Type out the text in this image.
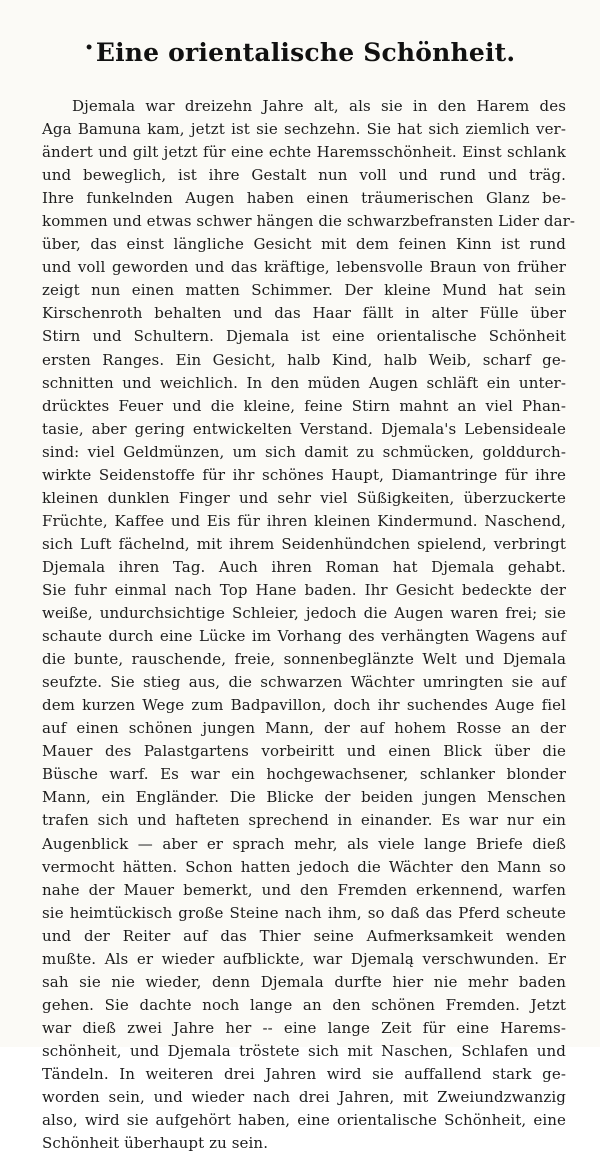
•Eine orientalische Schönheit.
Djemala war dreizehn Jahre alt, als sie in den Harem des
Aga Bamuna kam, jetzt ist sie sechzehn. Sie hat sich ziemlich ver-
ändert und gilt jetzt für eine echte Haremsschönheit. Einst schlank
und beweglich, ist ihre Gestalt nun voll und rund und träg.
Ihre funkelnden Augen haben einen träumerischen Glanz be-
kommen und etwas schwer hängen die schwarzbefransten Lider dar-
über, das einst längliche Gesicht mit dem feinen Kinn ist rund
und voll geworden und das kräftige, lebensvolle Braun von früher
zeigt nun einen matten Schimmer. Der kleine Mund hat sein
Kirschenroth behalten und das Haar fällt in alter Fülle über
Stirn und Schultern. Djemala ist eine orientalische Schönheit
ersten Ranges. Ein Gesicht, halb Kind, halb Weib, scharf ge-
schnitten und weichlich. In den müden Augen schläft ein unter-
drücktes Feuer und die kleine, feine Stirn mahnt an viel Phan-
tasie, aber gering entwickelten Verstand. Djemala's Lebensideale
sind: viel Geldmünzen, um sich damit zu schmücken, golddurch-
wirkte Seidenstoffe für ihr schönes Haupt, Diamantringe für ihre
kleinen dunklen Finger und sehr viel Süßigkeiten, überzuckerte
Früchte, Kaffee und Eis für ihren kleinen Kindermund. Naschend,
sich Luft fächelnd, mit ihrem Seidenhündchen spielend, verbringt
Djemala ihren Tag. Auch ihren Roman hat Djemala gehabt.
Sie fuhr einmal nach Top Hane baden. Ihr Gesicht bedeckte der
weiße, undurchsichtige Schleier, jedoch die Augen waren frei; sie
schaute durch eine Lücke im Vorhang des verhängten Wagens auf
die bunte, rauschende, freie, sonnenbeglänzte Welt und Djemala
seufzte. Sie stieg aus, die schwarzen Wächter umringten sie auf
dem kurzen Wege zum Badpavillon, doch ihr suchendes Auge fiel
auf einen schönen jungen Mann, der auf hohem Rosse an der
Mauer des Palastgartens vorbeiritt und einen Blick über die
Büsche warf. Es war ein hochgewachsener, schlanker blonder
Mann, ein Engländer. Die Blicke der beiden jungen Menschen
trafen sich und hafteten sprechend in einander. Es war nur ein
Augenblick — aber er sprach mehr, als viele lange Briefe dieß
vermocht hätten. Schon hatten jedoch die Wächter den Mann so
nahe der Mauer bemerkt, und den Fremden erkennend, warfen
sie heimtückisch große Steine nach ihm, so daß das Pferd scheute
und der Reiter auf das Thier seine Aufmerksamkeit wenden
mußte. Als er wieder aufblickte, war Djemalą verschwunden. Er
sah sie nie wieder, denn Djemala durfte hier nie mehr baden
gehen. Sie dachte noch lange an den schönen Fremden. Jetzt
war dieß zwei Jahre her -- eine lange Zeit für eine Harems-
schönheit, und Djemala tröstete sich mit Naschen, Schlafen und
Tändeln. In weiteren drei Jahren wird sie auffallend stark ge-
worden sein, und wieder nach drei Jahren, mit Zweiundzwanzig
also, wird sie aufgehört haben, eine orientalische Schönheit, eine
Schönheit überhaupt zu sein.
